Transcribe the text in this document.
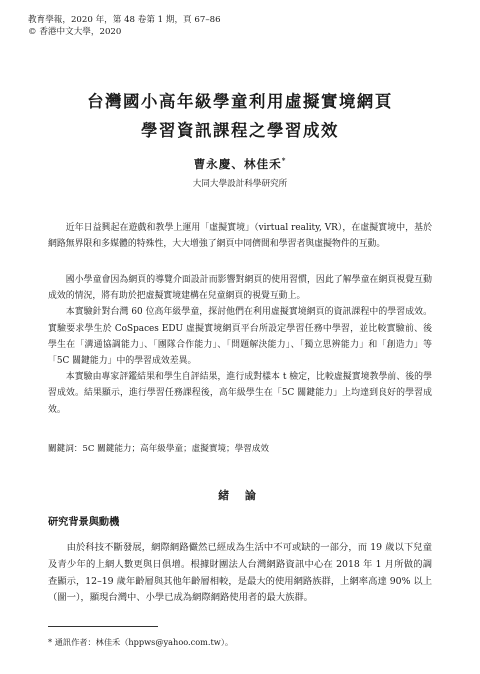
教育學報，2020 年，第 48 卷第 1 期，頁 67–86
© 香港中文大學，2020
台灣國小高年級學童利用虛擬實境網頁
學習資訊課程之學習成效
曹永慶、林佳禾*
大同大學設計科學研究所

近年日益興起在遊戲和教學上運用「虛擬實境」（virtual reality, VR），在虛擬實境中，基於網路無界限和多媒體的特殊性，大大增強了網頁中同儕間和學習者與虛擬物件的互動。

國小學童會因為網頁的導覽介面設計而影響對網頁的使用習慣，因此了解學童在網頁視覺互動成效的情況，將有助於把虛擬實境建構在兒童網頁的視覺互動上。

本實驗針對台灣 60 位高年級學童，探討他們在利用虛擬實境網頁的資訊課程中的學習成效。實驗要求學生於 CoSpaces EDU 虛擬實境網頁平台所設定學習任務中學習，並比較實驗前、後學生在「溝通協調能力」、「團隊合作能力」、「問題解決能力」、「獨立思辨能力」和「創造力」等「5C 關鍵能力」中的學習成效差異。

本實驗由專家評鑑結果和學生自評結果，進行成對樣本 t 檢定，比較虛擬實境教學前、後的學習成效。結果顯示，進行學習任務課程後，高年級學生在「5C 關鍵能力」上均達到良好的學習成效。

關鍵詞：5C 關鍵能力；高年級學童；虛擬實境；學習成效
緒 論
研究背景與動機

由於科技不斷發展，網際網路儼然已經成為生活中不可或缺的一部分，而 19 歲以下兒童及青少年的上網人數更與日俱增。根據財團法人台灣網路資訊中心在 2018 年 1 月所做的調查顯示，12–19 歲年齡層與其他年齡層相較，是最大的使用網路族群，上網率高達 90% 以上（圖一），顯現台灣中、小學已成為網際網路使用者的最大族群。

* 通訊作者：林佳禾（hppws@yahoo.com.tw）。
